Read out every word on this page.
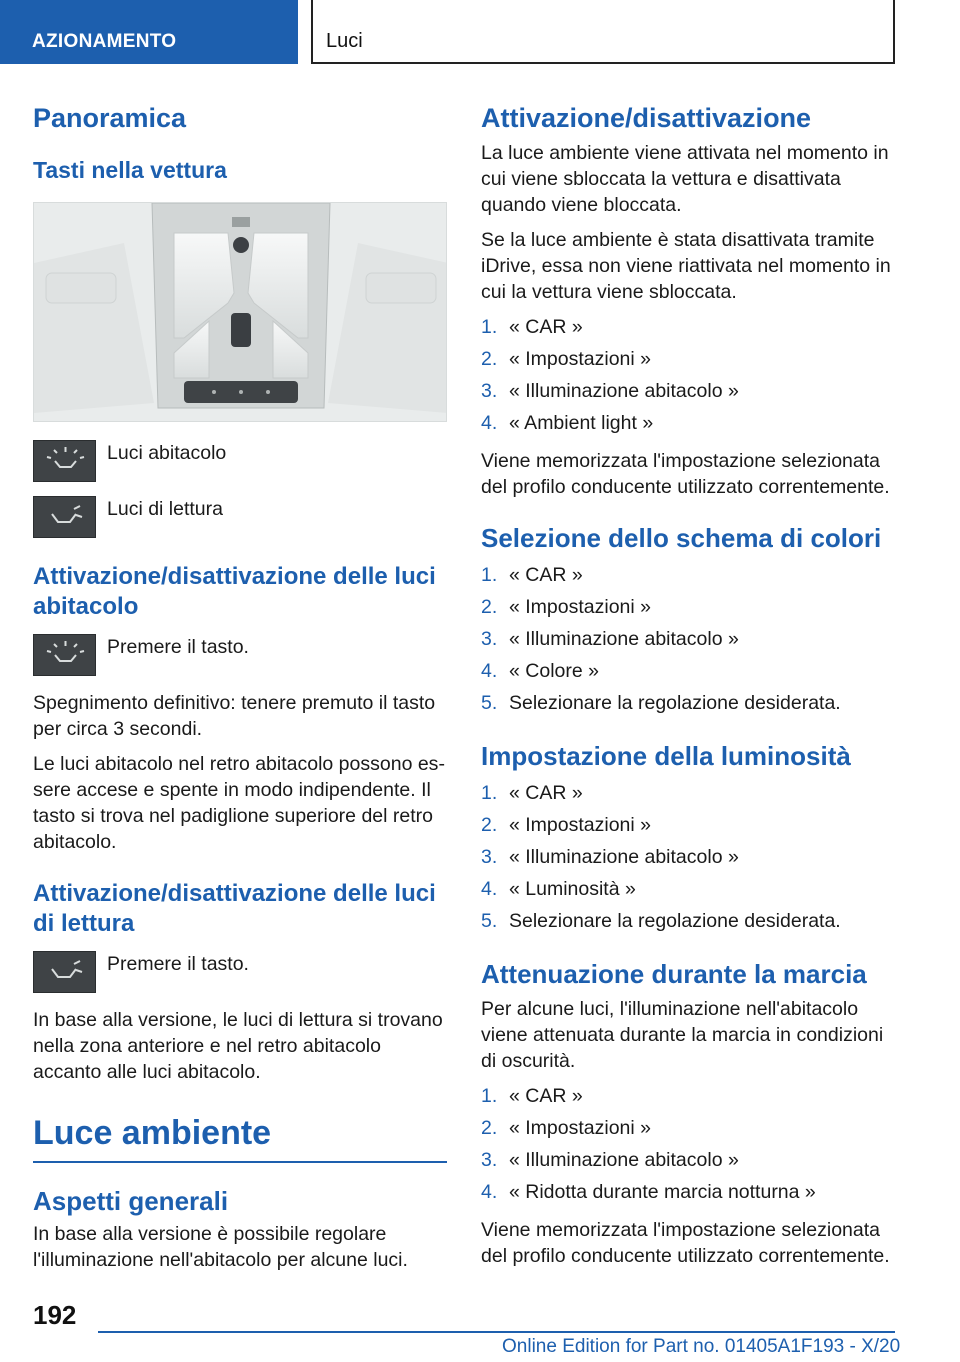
AZIONAMENTO	Luci
Panoramica
Tasti nella vettura
Luci abitacolo
Luci di lettura
Attivazione/disattivazione delle luci abitacolo
Premere il tasto.

Spegnimento definitivo: tenere premuto il tasto per circa 3 secondi.

Le luci abitacolo nel retro abitacolo possono essere accese e spente in modo indipendente. Il tasto si trova nel padiglione superiore del retro abitacolo.

Attivazione/disattivazione delle luci di lettura
Premere il tasto.

In base alla versione, le luci di lettura si trovano nella zona anteriore e nel retro abitacolo accanto alle luci abitacolo.

Luce ambiente
Aspetti generali

In base alla versione è possibile regolare l'illuminazione nell'abitacolo per alcune luci.

Attivazione/disattivazione

La luce ambiente viene attivata nel momento in cui viene sbloccata la vettura e disattivata quando viene bloccata.

Se la luce ambiente è stata disattivata tramite iDrive, essa non viene riattivata nel momento in cui la vettura viene sbloccata.

1. « CAR »
2. « Impostazioni »
3. « Illuminazione abitacolo »
4. « Ambient light »

Viene memorizzata l'impostazione selezionata del profilo conducente utilizzato correntemente.

Selezione dello schema di colori
1. « CAR »
2. « Impostazioni »
3. « Illuminazione abitacolo »
4. « Colore »
5. Selezionare la regolazione desiderata.
Impostazione della luminosità
1. « CAR »
2. « Impostazioni »
3. « Illuminazione abitacolo »
4. « Luminosità »
5. Selezionare la regolazione desiderata.
Attenuazione durante la marcia

Per alcune luci, l'illuminazione nell'abitacolo viene attenuata durante la marcia in condizioni di oscurità.

1. « CAR »
2. « Impostazioni »
3. « Illuminazione abitacolo »
4. « Ridotta durante marcia notturna »

Viene memorizzata l'impostazione selezionata del profilo conducente utilizzato correntemente.

192
Online Edition for Part no. 01405A1F193 - X/20
